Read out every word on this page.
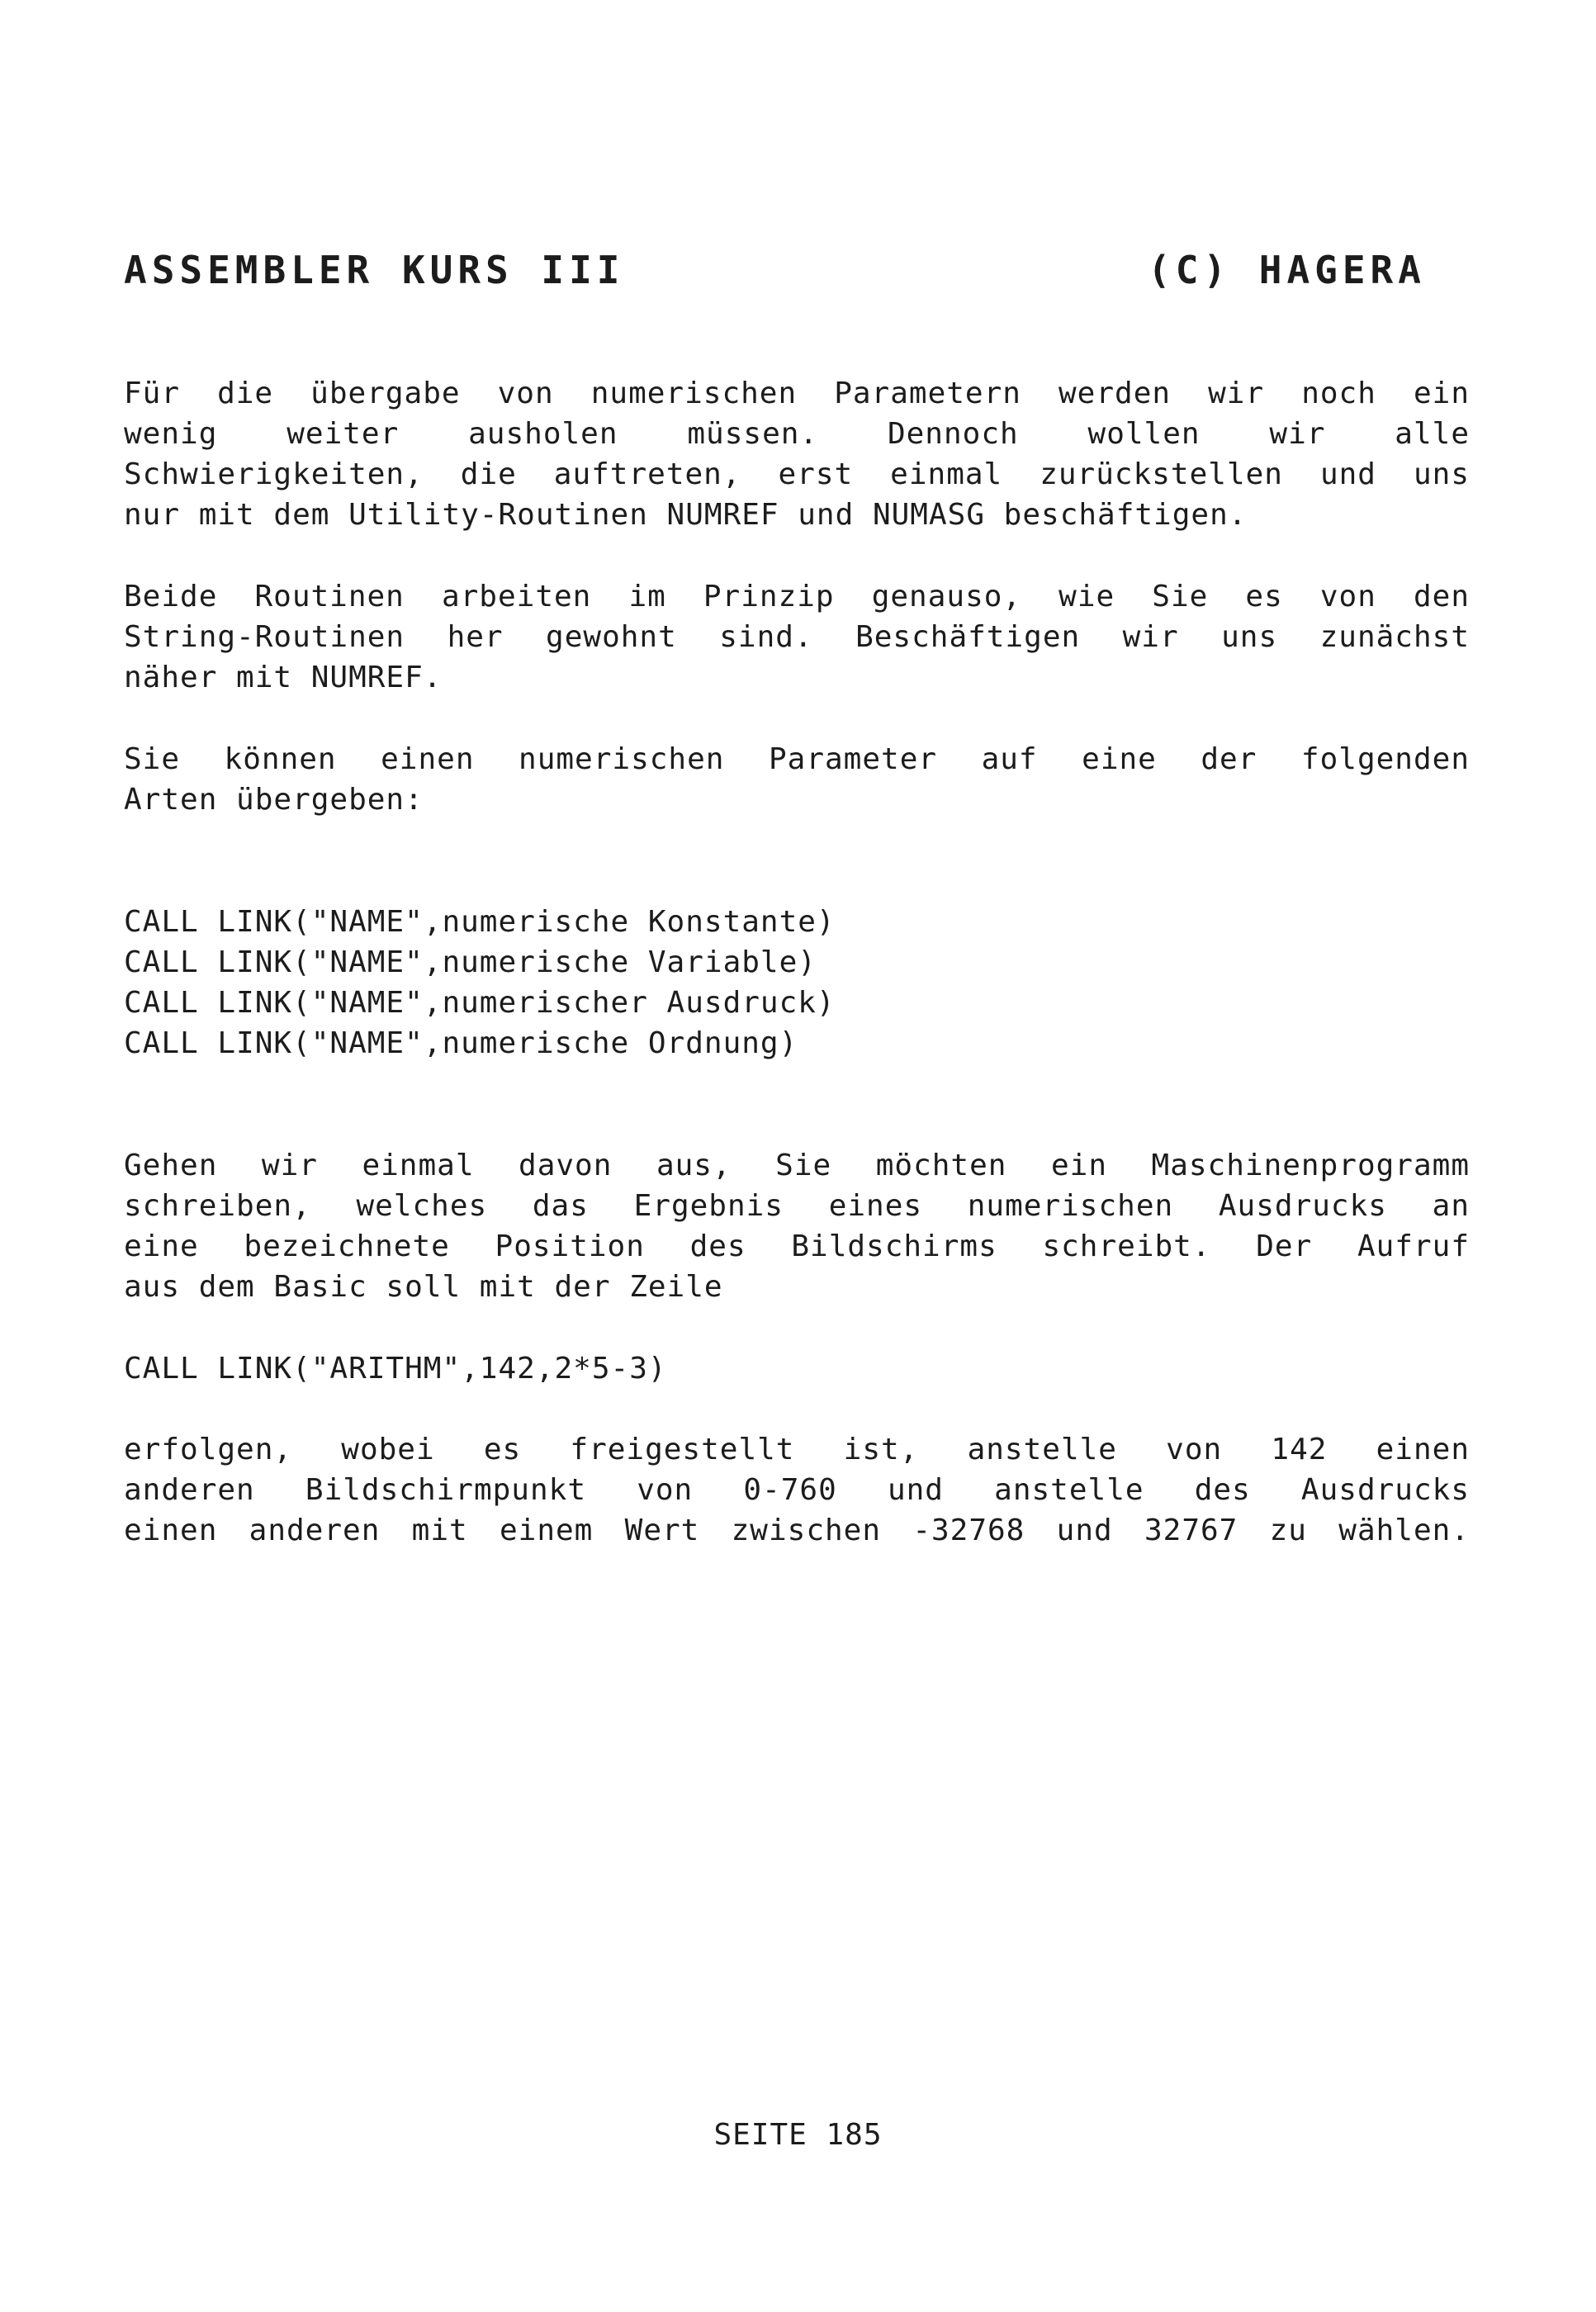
ASSEMBLER KURS III	(C) HAGERA
Für die übergabe von numerischen Parametern werden wir noch ein
wenig weiter ausholen müssen. Dennoch wollen wir alle
Schwierigkeiten, die auftreten, erst einmal zurückstellen und uns
nur mit dem Utility-Routinen NUMREF und NUMASG beschäftigen.
Beide Routinen arbeiten im Prinzip genauso, wie Sie es von den
String-Routinen her gewohnt sind. Beschäftigen wir uns zunächst
näher mit NUMREF.
Sie können einen numerischen Parameter auf eine der folgenden
Arten übergeben:
CALL LINK("NAME",numerische Konstante)
CALL LINK("NAME",numerische Variable)
CALL LINK("NAME",numerischer Ausdruck)
CALL LINK("NAME",numerische Ordnung)
Gehen wir einmal davon aus, Sie möchten ein Maschinenprogramm
schreiben, welches das Ergebnis eines numerischen Ausdrucks an
eine bezeichnete Position des Bildschirms schreibt. Der Aufruf
aus dem Basic soll mit der Zeile
CALL LINK("ARITHM",142,2*5-3)
erfolgen, wobei es freigestellt ist, anstelle von 142 einen
anderen Bildschirmpunkt von 0-760 und anstelle des Ausdrucks
einen anderen mit einem Wert zwischen -32768 und 32767 zu wählen.
SEITE 185
